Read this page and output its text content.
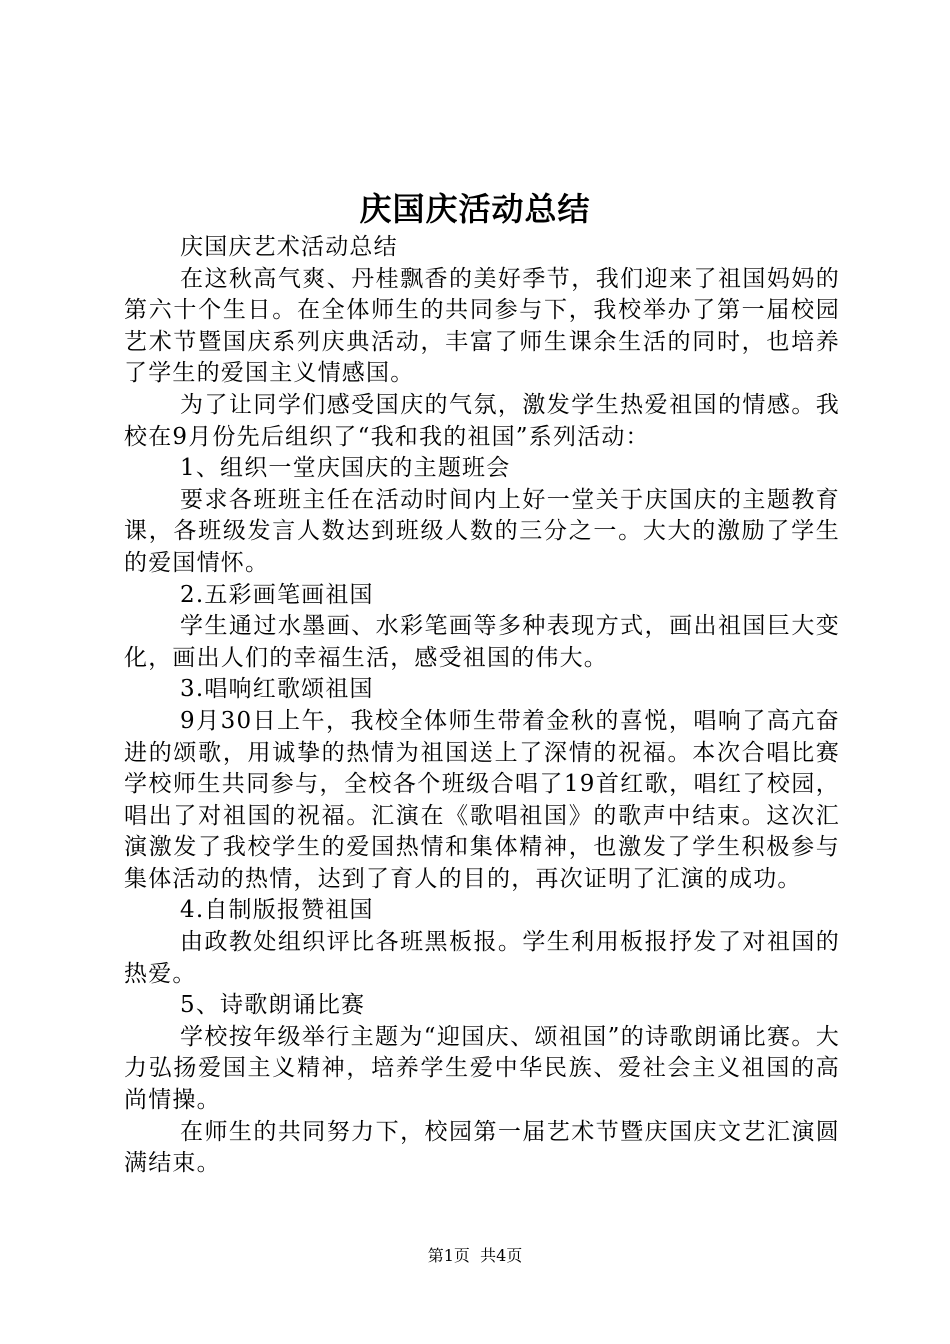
庆国庆活动总结

庆国庆艺术活动总结

在这秋高气爽、丹桂飘香的美好季节，我们迎来了祖国妈妈的第六十个生日。在全体师生的共同参与下，我校举办了第一届校园艺术节暨国庆系列庆典活动，丰富了师生课余生活的同时，也培养了学生的爱国主义情感国。

为了让同学们感受国庆的气氛，激发学生热爱祖国的情感。我校在9月份先后组织了“我和我的祖国”系列活动：

1、组织一堂庆国庆的主题班会

要求各班班主任在活动时间内上好一堂关于庆国庆的主题教育课，各班级发言人数达到班级人数的三分之一。大大的激励了学生的爱国情怀。

2.五彩画笔画祖国

学生通过水墨画、水彩笔画等多种表现方式，画出祖国巨大变化，画出人们的幸福生活，感受祖国的伟大。

3.唱响红歌颂祖国

9月30日上午，我校全体师生带着金秋的喜悦，唱响了高亢奋进的颂歌，用诚挚的热情为祖国送上了深情的祝福。本次合唱比赛学校师生共同参与，全校各个班级合唱了19首红歌，唱红了校园，唱出了对祖国的祝福。汇演在《歌唱祖国》的歌声中结束。这次汇演激发了我校学生的爱国热情和集体精神，也激发了学生积极参与集体活动的热情，达到了育人的目的，再次证明了汇演的成功。

4.自制版报赞祖国

由政教处组织评比各班黑板报。学生利用板报抒发了对祖国的热爱。

5、诗歌朗诵比赛

学校按年级举行主题为“迎国庆、颂祖国”的诗歌朗诵比赛。大力弘扬爱国主义精神，培养学生爱中华民族、爱社会主义祖国的高尚情操。

在师生的共同努力下，校园第一届艺术节暨庆国庆文艺汇演圆满结束。

第1页 共4页
